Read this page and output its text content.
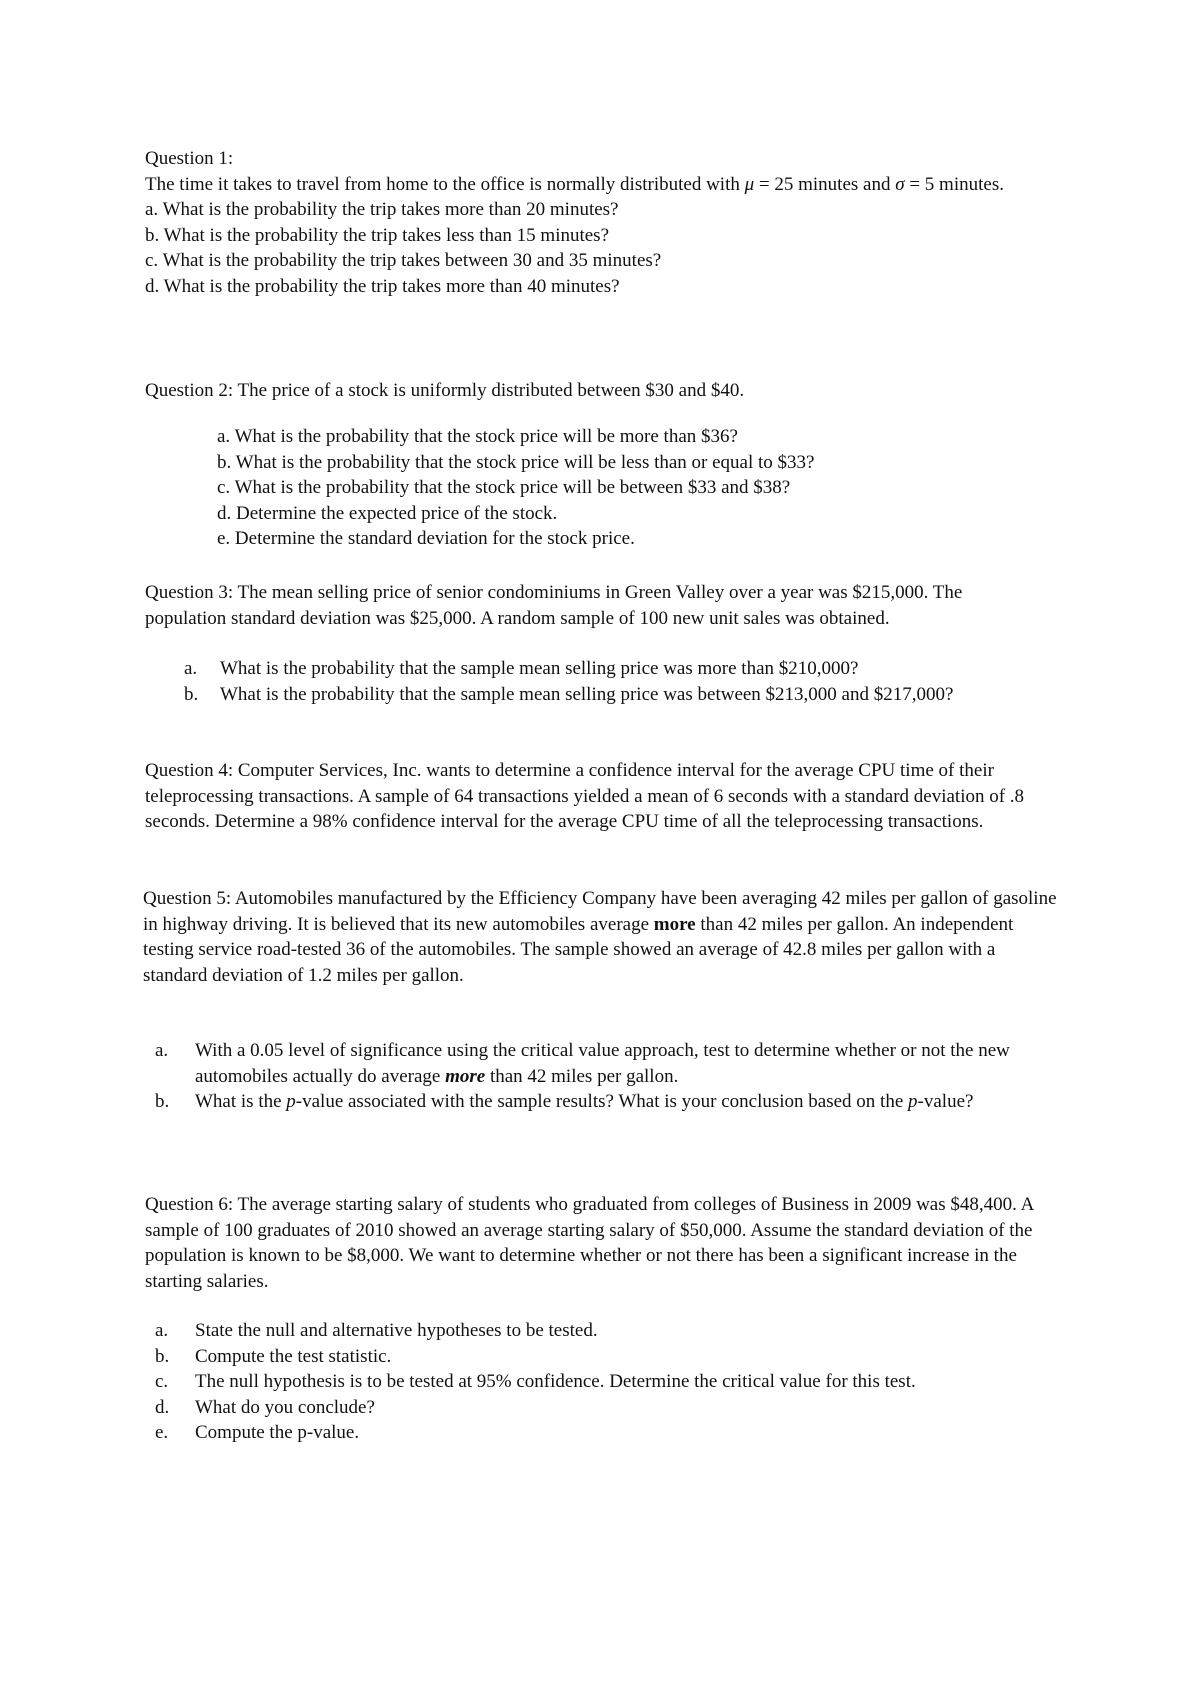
Question 1:

The time it takes to travel from home to the office is normally distributed with μ = 25 minutes and σ = 5 minutes.

a. What is the probability the trip takes more than 20 minutes?

b. What is the probability the trip takes less than 15 minutes?

c. What is the probability the trip takes between 30 and 35 minutes?

d. What is the probability the trip takes more than 40 minutes?

Question 2: The price of a stock is uniformly distributed between $30 and $40.

a. What is the probability that the stock price will be more than $36?

b. What is the probability that the stock price will be less than or equal to $33?

c. What is the probability that the stock price will be between $33 and $38?

d. Determine the expected price of the stock.

e. Determine the standard deviation for the stock price.

Question 3: The mean selling price of senior condominiums in Green Valley over a year was $215,000. The population standard deviation was $25,000. A random sample of 100 new unit sales was obtained.

a. What is the probability that the sample mean selling price was more than $210,000?

b. What is the probability that the sample mean selling price was between $213,000 and $217,000?

Question 4: Computer Services, Inc. wants to determine a confidence interval for the average CPU time of their teleprocessing transactions. A sample of 64 transactions yielded a mean of 6 seconds with a standard deviation of .8 seconds. Determine a 98% confidence interval for the average CPU time of all the teleprocessing transactions.

Question 5: Automobiles manufactured by the Efficiency Company have been averaging 42 miles per gallon of gasoline in highway driving. It is believed that its new automobiles average more than 42 miles per gallon. An independent testing service road-tested 36 of the automobiles. The sample showed an average of 42.8 miles per gallon with a standard deviation of 1.2 miles per gallon.

a. With a 0.05 level of significance using the critical value approach, test to determine whether or not the new automobiles actually do average more than 42 miles per gallon.

b. What is the p-value associated with the sample results? What is your conclusion based on the p-value?

Question 6: The average starting salary of students who graduated from colleges of Business in 2009 was $48,400. A sample of 100 graduates of 2010 showed an average starting salary of $50,000. Assume the standard deviation of the population is known to be $8,000. We want to determine whether or not there has been a significant increase in the starting salaries.

a. State the null and alternative hypotheses to be tested.

b. Compute the test statistic.

c. The null hypothesis is to be tested at 95% confidence. Determine the critical value for this test.

d. What do you conclude?

e. Compute the p-value.
